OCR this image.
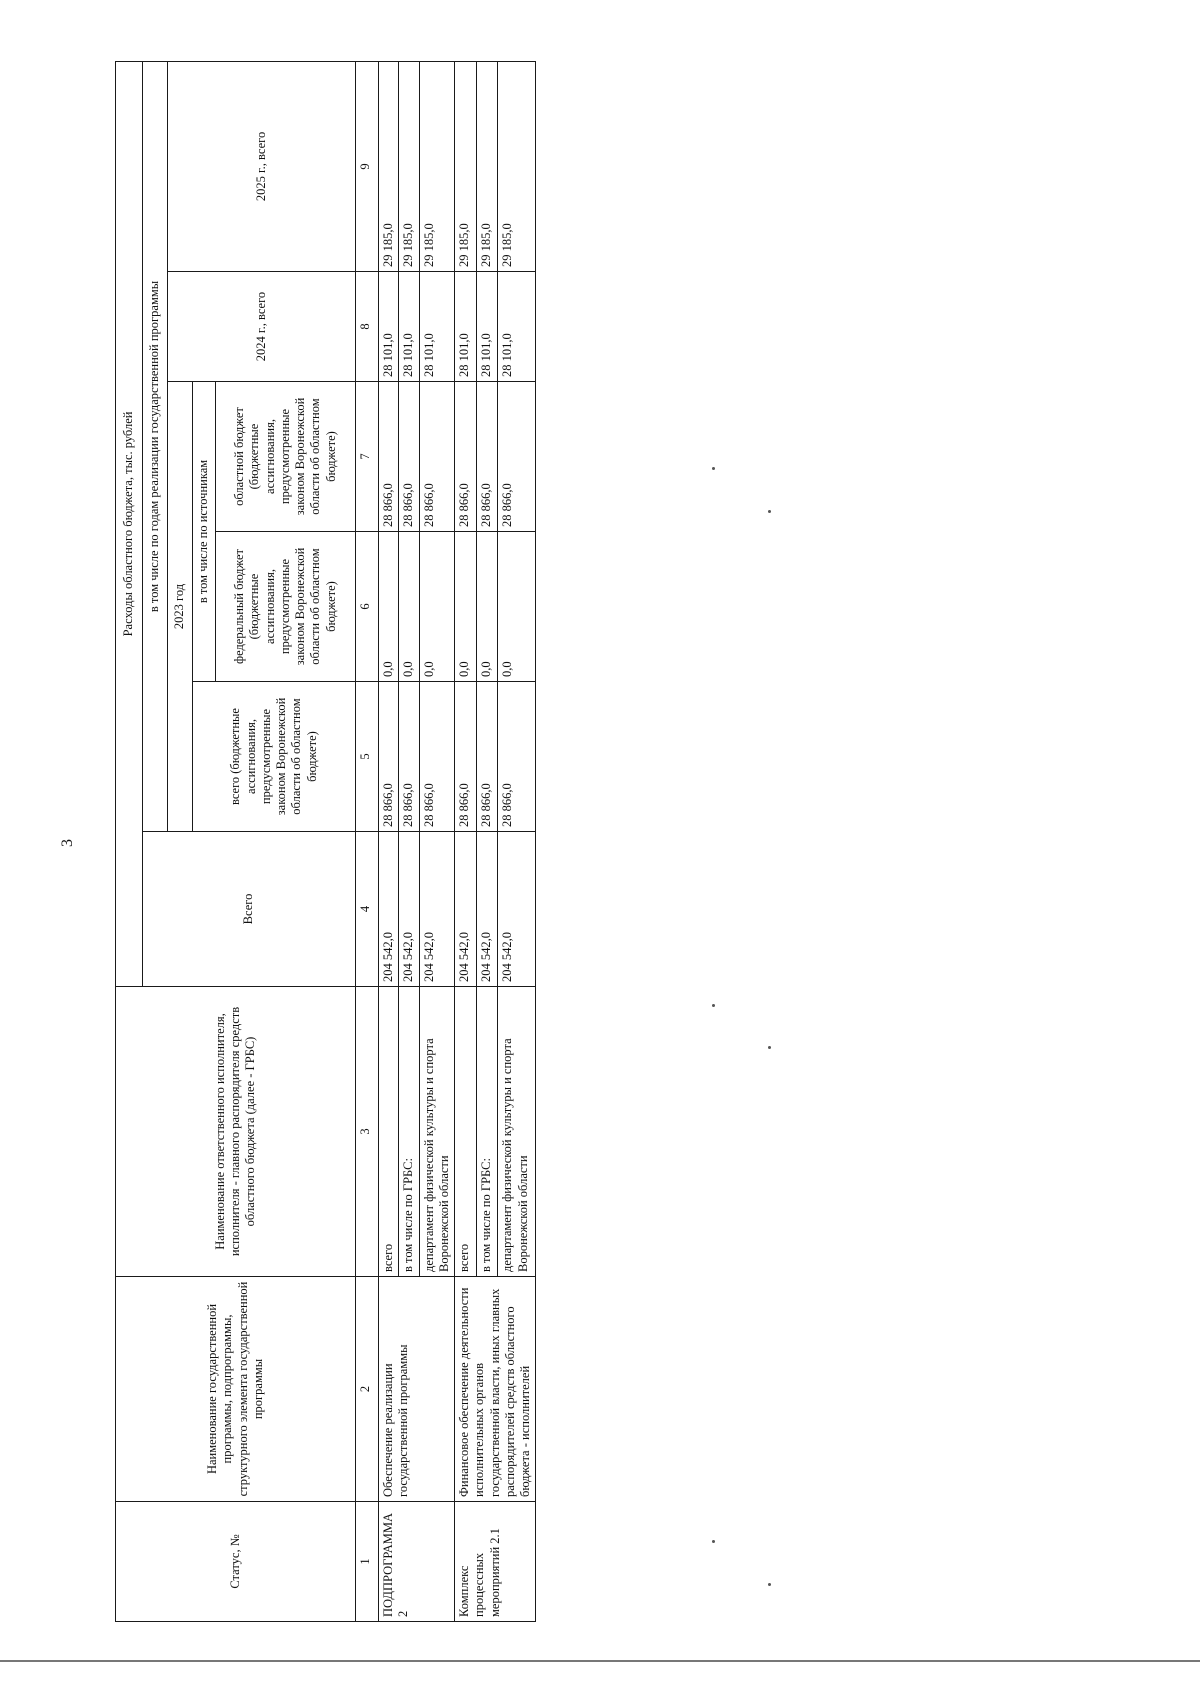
3
Статус, №	Наименование государственной программы, подпрограммы, структурного элемента государственной программы	Наименование ответственного исполнителя, исполнителя - главного распорядителя средств областного бюджета (далее - ГРБС)	Расходы областного бюджета, тыс. рублей					
			Всего	в том числе по годам реализации государственной программы				
				2023 год			2024 г., всего	2025 г., всего
				всего (бюджетные ассигнования, предусмотренные законом Воронежской области об областном бюджете)	в том числе по источникам			
					федеральный бюджет (бюджетные ассигнования, предусмотренные законом Воронежской области об областном бюджете)	областной бюджет (бюджетные ассигнования, предусмотренные законом Воронежской области об областном бюджете)		
1	2	3	4	5	6	7	8	9
ПОДПРОГРАММА 2	Обеспечение реализации государственной программы	всего	204 542,0	28 866,0	0,0	28 866,0	28 101,0	29 185,0
		в том числе по ГРБС:	204 542,0	28 866,0	0,0	28 866,0	28 101,0	29 185,0
		департамент физической культуры и спорта Воронежской области	204 542,0	28 866,0	0,0	28 866,0	28 101,0	29 185,0
Комплекс процессных мероприятий 2.1	Финансовое обеспечение деятельности исполнительных органов государственной власти, иных главных распорядителей средств областного бюджета - исполнителей	всего	204 542,0	28 866,0	0,0	28 866,0	28 101,0	29 185,0
		в том числе по ГРБС:	204 542,0	28 866,0	0,0	28 866,0	28 101,0	29 185,0
		департамент физической культуры и спорта Воронежской области	204 542,0	28 866,0	0,0	28 866,0	28 101,0	29 185,0
